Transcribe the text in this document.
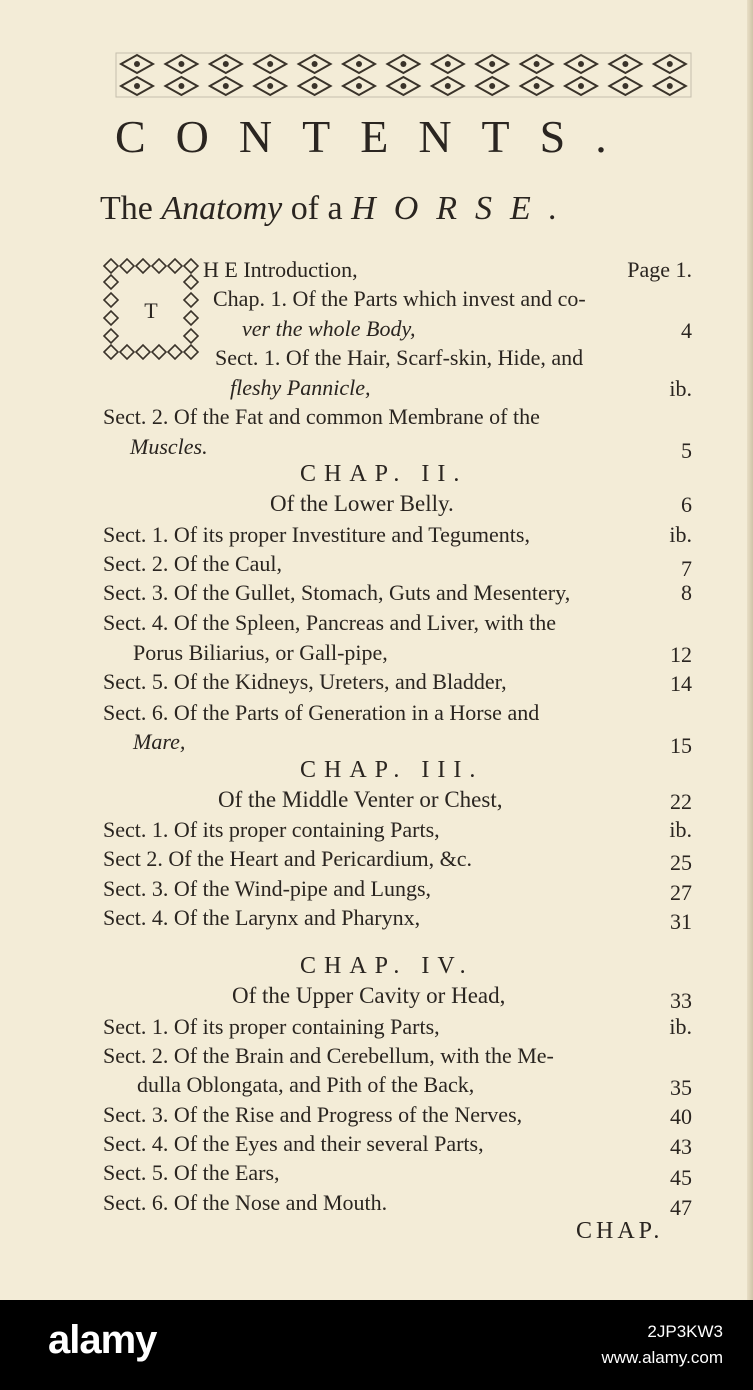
CONTENTS.
The Anatomy of a HORSE.
T
H E Introduction,	Page 1.
Chap. 1. Of the Parts which invest and co-
ver the whole Body,	4
Sect. 1. Of the Hair, Scarf-skin, Hide, and
fleshy Pannicle,	ib.
Sect. 2. Of the Fat and common Membrane of the
Muscles.	5
CHAP. II.
Of the Lower Belly.	6
Sect. 1. Of its proper Investiture and Teguments,	ib.
Sect. 2. Of the Caul,	7
Sect. 3. Of the Gullet, Stomach, Guts and Mesentery,	8
Sect. 4. Of the Spleen, Pancreas and Liver, with the
Porus Biliarius, or Gall-pipe,	12
Sect. 5. Of the Kidneys, Ureters, and Bladder,	14
Sect. 6. Of the Parts of Generation in a Horse and
Mare,	15
CHAP. III.
Of the Middle Venter or Chest,	22
Sect. 1. Of its proper containing Parts,	ib.
Sect 2. Of the Heart and Pericardium, &c.	25
Sect. 3. Of the Wind-pipe and Lungs,	27
Sect. 4. Of the Larynx and Pharynx,	31
CHAP. IV.
Of the Upper Cavity or Head,	33
Sect. 1. Of its proper containing Parts,	ib.
Sect. 2. Of the Brain and Cerebellum, with the Me-
dulla Oblongata, and Pith of the Back,	35
Sect. 3. Of the Rise and Progress of the Nerves,	40
Sect. 4. Of the Eyes and their several Parts,	43
Sect. 5. Of the Ears,	45
Sect. 6. Of the Nose and Mouth.	47
CHAP.
alamy	2JP3KW3
www.alamy.com
